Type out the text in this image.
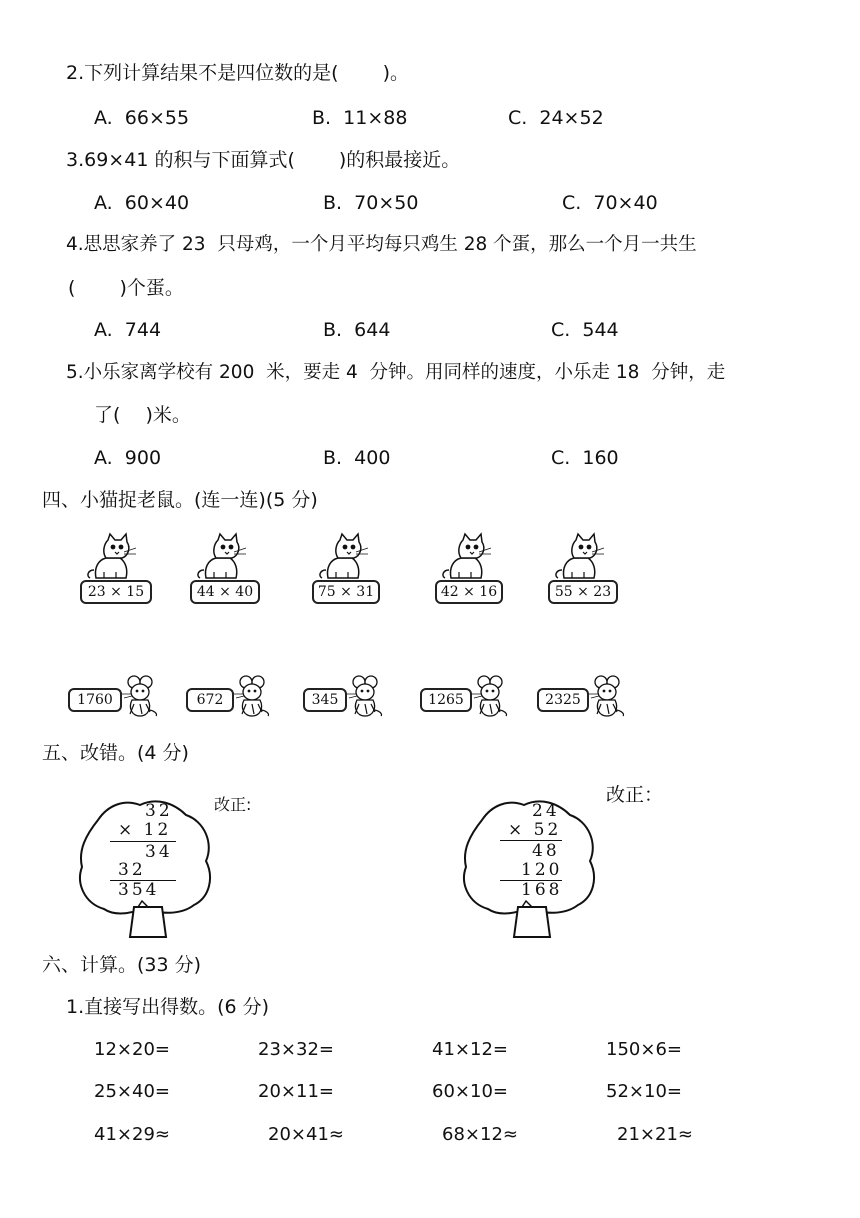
2.下列计算结果不是四位数的是(　　 )。
A.  66×55	B.  11×88	C.  24×52
3.69×41 的积与下面算式(　　 )的积最接近。
A.  60×40	B.  70×50	C.  70×40
4.思思家养了 23  只母鸡，一个月平均每只鸡生 28 个蛋，那么一个月一共生
(　　 )个蛋。
A.  744	B.  644	C.  544
5.小乐家离学校有 200  米，要走 4  分钟。用同样的速度，小乐走 18  分钟，走
了(　 )米。
A.  900	B.  400	C.  160
四、小猫捉老鼠。(连一连)(5 分)
23 × 15	44 × 40	75 × 31	42 × 16	55 × 23
1760	672	345	1265	2325
五、改错。(4 分)
32
× 12
34
32
354
改正:	24
× 52
48
120
168
改正：
六、计算。(33 分)
1.直接写出得数。(6 分)
12×20=	23×32=	41×12=	150×6=
25×40=	20×11=	60×10=	52×10=
41×29≈	20×41≈	68×12≈	21×21≈
